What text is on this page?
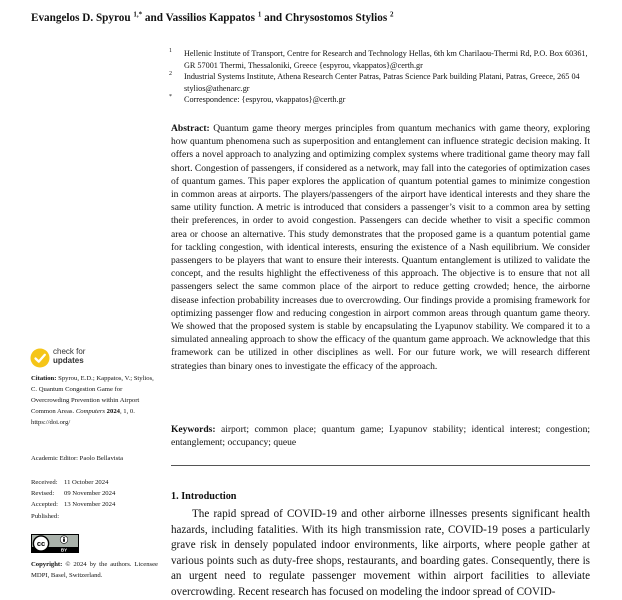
Evangelos D. Spyrou $^{1,*}$ and Vassilios Kappatos $^1$ and Chrysostomos Stylios $^2$
1 Hellenic Institute of Transport, Centre for Research and Technology Hellas, 6th km Charilaou-Thermi Rd, P.O. Box 60361, GR 57001 Thermi, Thessaloniki, Greece {espyrou, vkappatos}@certh.gr
2 Industrial Systems Institute, Athena Research Center Patras, Patras Science Park building Platani, Patras, Greece, 265 04 stylios@athenarc.gr
* Correspondence: {espyrou, vkappatos}@certh.gr
Abstract: Quantum game theory merges principles from quantum mechanics with game theory, exploring how quantum phenomena such as superposition and entanglement can influence strategic decision making. It offers a novel approach to analyzing and optimizing complex systems where traditional game theory may fall short. Congestion of passengers, if considered as a network, may fall into the categories of optimization cases of quantum games. This paper explores the application of quantum potential games to minimize congestion in common areas at airports. The players/passengers of the airport have identical interests and they share the same utility function. A metric is introduced that considers a passenger’s visit to a common area by setting their preferences, in order to avoid congestion. Passengers can decide whether to visit a specific common area or choose an alternative. This study demonstrates that the proposed game is a quantum potential game for tackling congestion, with identical interests, ensuring the existence of a Nash equilibrium. We consider passengers to be players that want to ensure their interests. Quantum entanglement is utilized to validate the concept, and the results highlight the effectiveness of this approach. The objective is to ensure that not all passengers select the same common place of the airport to reduce getting crowded; hence, the airborne disease infection probability increases due to overcrowding. Our findings provide a promising framework for optimizing passenger flow and reducing congestion in airport common areas through quantum game theory. We showed that the proposed system is stable by encapsulating the Lyapunov stability. We compared it to a simulated annealing approach to show the efficacy of the quantum game approach. We acknowledge that this framework can be utilized in other disciplines as well. For our future work, we will research different strategies than binary ones to investigate the efficacy of the approach.
Keywords: airport; common place; quantum game; Lyapunov stability; identical interest; congestion; entanglement; occupancy; queue
1. Introduction
The rapid spread of COVID-19 and other airborne illnesses presents significant health hazards, including fatalities. With its high transmission rate, COVID-19 poses a particularly grave risk in densely populated indoor environments, like airports, where people gather at various points such as duty-free shops, restaurants, and boarding gates. Consequently, there is an urgent need to regulate passenger movement within airport facilities to alleviate overcrowding. Recent research has focused on modeling the indoor spread of COVID-
check for
updates
Citation: Spyrou, E.D.; Kappatos, V.; Stylios, C. Quantum Congestion Game for Overcrowding Prevention within Airport Common Areas. Computers 2024, 1, 0. https://doi.org/
Academic Editor: Paolo Bellavista
Received: 11 October 2024
Revised:	09 November 2024
Accepted: 13 November 2024
Published:
cc
BY
Copyright: © 2024 by the authors. Licensee MDPI, Basel, Switzerland.
